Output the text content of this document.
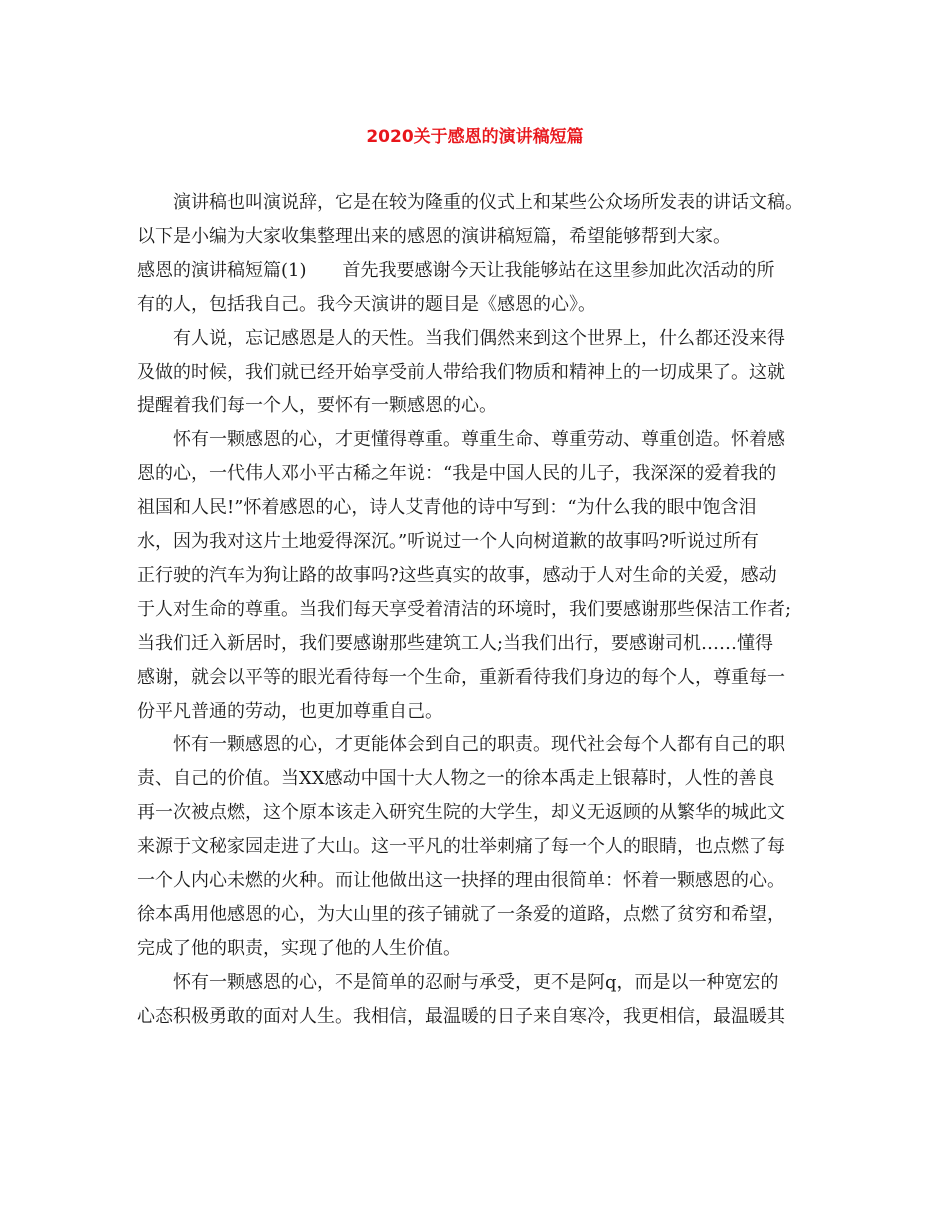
2020关于感恩的演讲稿短篇
演讲稿也叫演说辞，它是在较为隆重的仪式上和某些公众场所发表的讲话文稿。
以下是小编为大家收集整理出来的感恩的演讲稿短篇，希望能够帮到大家。
感恩的演讲稿短篇(1)　　首先我要感谢今天让我能够站在这里参加此次活动的所
有的人，包括我自己。我今天演讲的题目是《感恩的心》。
有人说，忘记感恩是人的天性。当我们偶然来到这个世界上，什么都还没来得
及做的时候，我们就已经开始享受前人带给我们物质和精神上的一切成果了。这就
提醒着我们每一个人，要怀有一颗感恩的心。
怀有一颗感恩的心，才更懂得尊重。尊重生命、尊重劳动、尊重创造。怀着感
恩的心，一代伟人邓小平古稀之年说：“我是中国人民的儿子，我深深的爱着我的
祖国和人民!”怀着感恩的心，诗人艾青他的诗中写到：“为什么我的眼中饱含泪
水，因为我对这片土地爱得深沉。”听说过一个人向树道歉的故事吗?听说过所有
正行驶的汽车为狗让路的故事吗?这些真实的故事，感动于人对生命的关爱，感动
于人对生命的尊重。当我们每天享受着清洁的环境时，我们要感谢那些保洁工作者;
当我们迁入新居时，我们要感谢那些建筑工人;当我们出行，要感谢司机……懂得
感谢，就会以平等的眼光看待每一个生命，重新看待我们身边的每个人，尊重每一
份平凡普通的劳动，也更加尊重自己。
怀有一颗感恩的心，才更能体会到自己的职责。现代社会每个人都有自己的职
责、自己的价值。当XX感动中国十大人物之一的徐本禹走上银幕时，人性的善良
再一次被点燃，这个原本该走入研究生院的大学生，却义无返顾的从繁华的城此文
来源于文秘家园走进了大山。这一平凡的壮举刺痛了每一个人的眼睛，也点燃了每
一个人内心未燃的火种。而让他做出这一抉择的理由很简单：怀着一颗感恩的心。
徐本禹用他感恩的心，为大山里的孩子铺就了一条爱的道路，点燃了贫穷和希望，
完成了他的职责，实现了他的人生价值。
怀有一颗感恩的心，不是简单的忍耐与承受，更不是阿q，而是以一种宽宏的
心态积极勇敢的面对人生。我相信，最温暖的日子来自寒冷，我更相信，最温暖其
